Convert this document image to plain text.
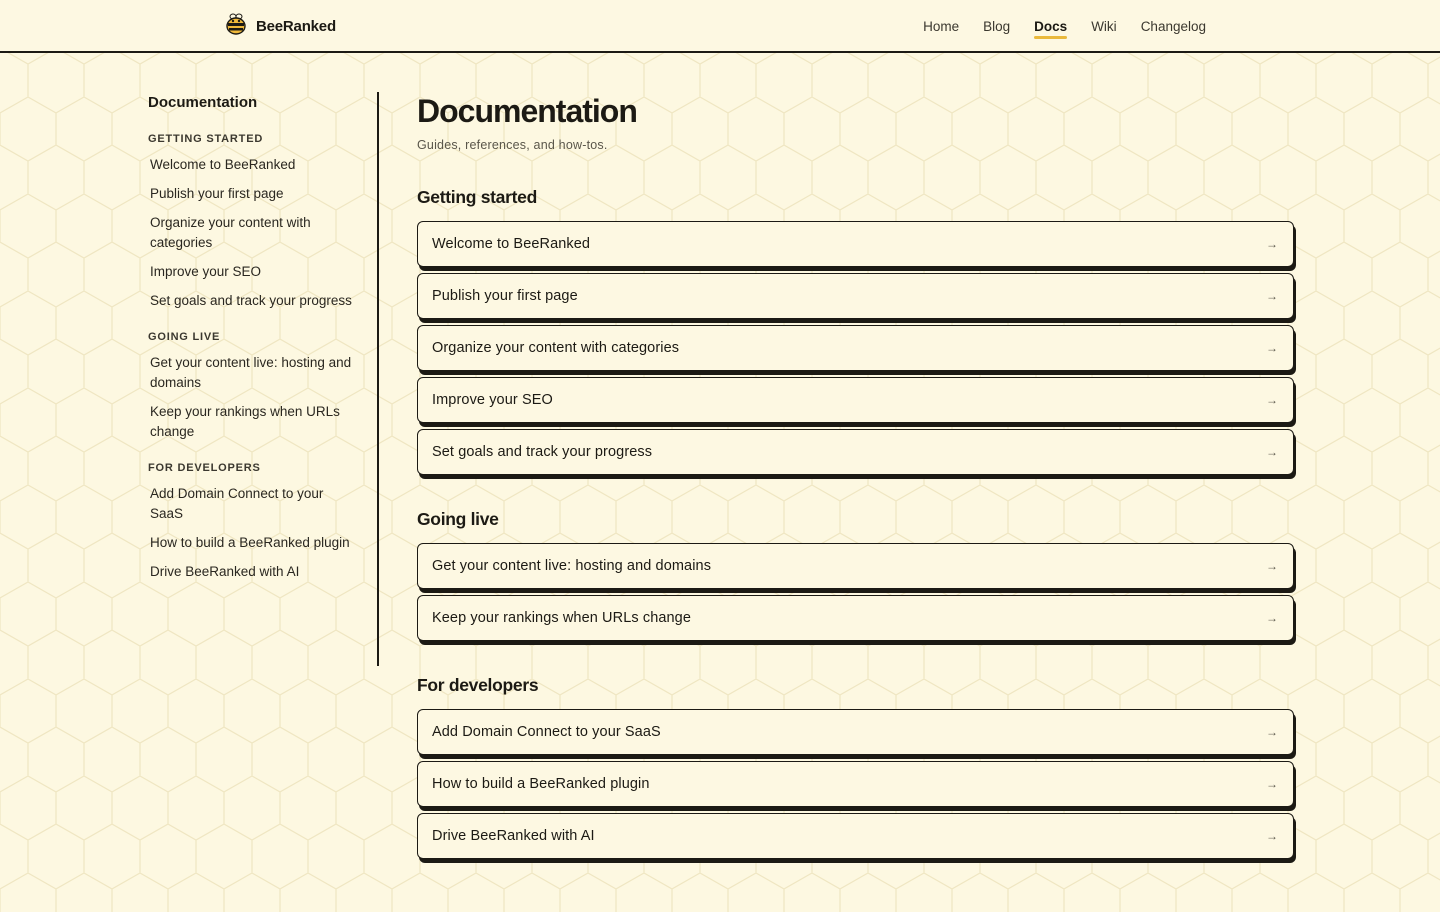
BeeRanked	Home Blog Docs Wiki Changelog
Documentation
GETTING STARTED
Welcome to BeeRanked
Publish your first page
Organize your content with categories
Improve your SEO
Set goals and track your progress
GOING LIVE
Get your content live: hosting and domains
Keep your rankings when URLs change
FOR DEVELOPERS
Add Domain Connect to your SaaS
How to build a BeeRanked plugin
Drive BeeRanked with AI
Documentation

Guides, references, and how-tos.

Getting started
Welcome to BeeRanked	→
Publish your first page	→
Organize your content with categories	→
Improve your SEO	→
Set goals and track your progress	→
Going live
Get your content live: hosting and domains	→
Keep your rankings when URLs change	→
For developers
Add Domain Connect to your SaaS	→
How to build a BeeRanked plugin	→
Drive BeeRanked with AI	→
